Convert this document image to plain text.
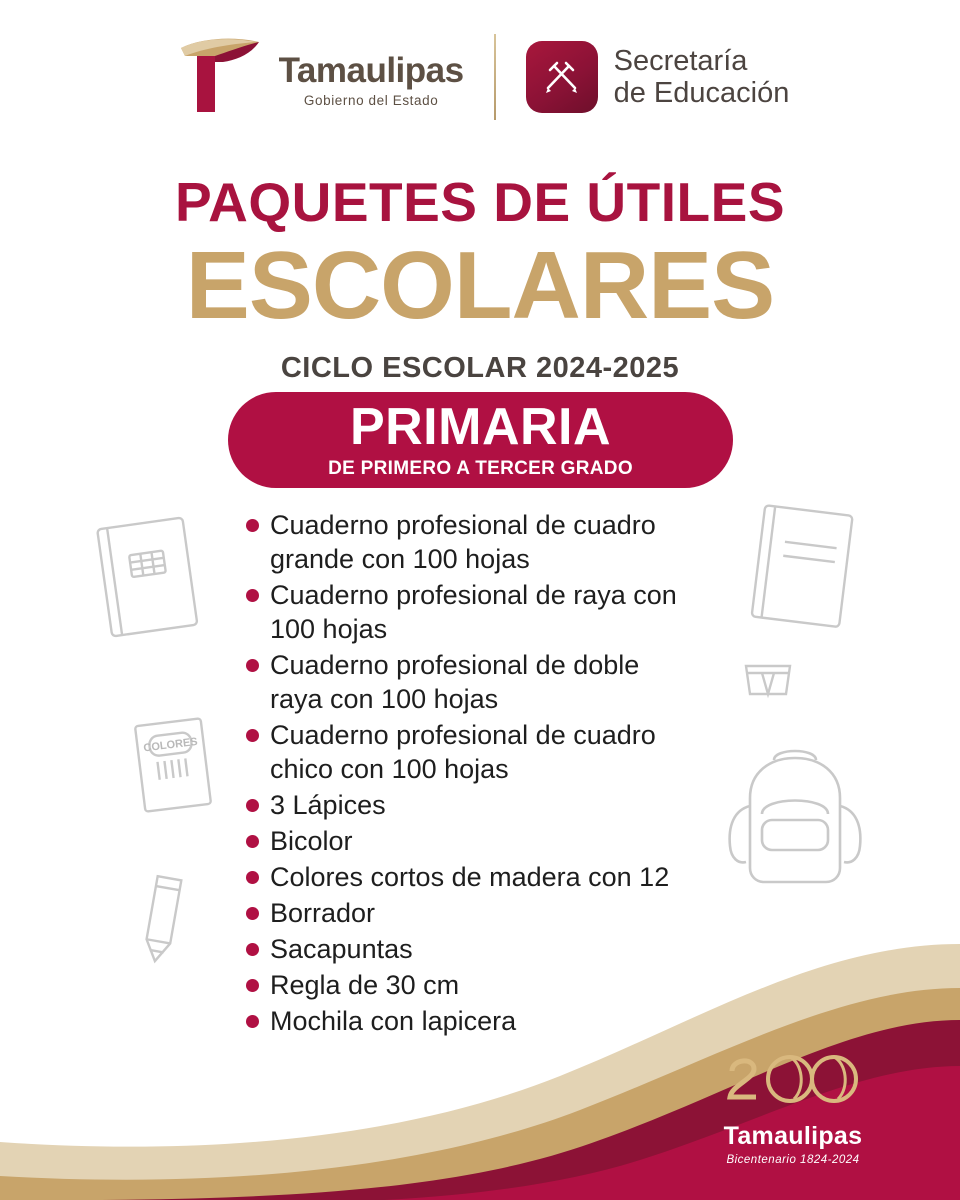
Tamaulipas
Gobierno del Estado
Secretaría
de Educación
PAQUETES DE ÚTILES
ESCOLARES
CICLO ESCOLAR 2024-2025
PRIMARIA
DE PRIMERO A TERCER GRADO
COLORES
Cuaderno profesional de cuadro grande con 100 hojas
Cuaderno profesional de raya con 100 hojas
Cuaderno profesional de doble raya con 100 hojas
Cuaderno profesional de cuadro chico con 100 hojas
3 Lápices
Bicolor
Colores cortos de madera con 12
Borrador
Sacapuntas
Regla de 30 cm
Mochila con lapicera
Tamaulipas
Bicentenario 1824-2024
